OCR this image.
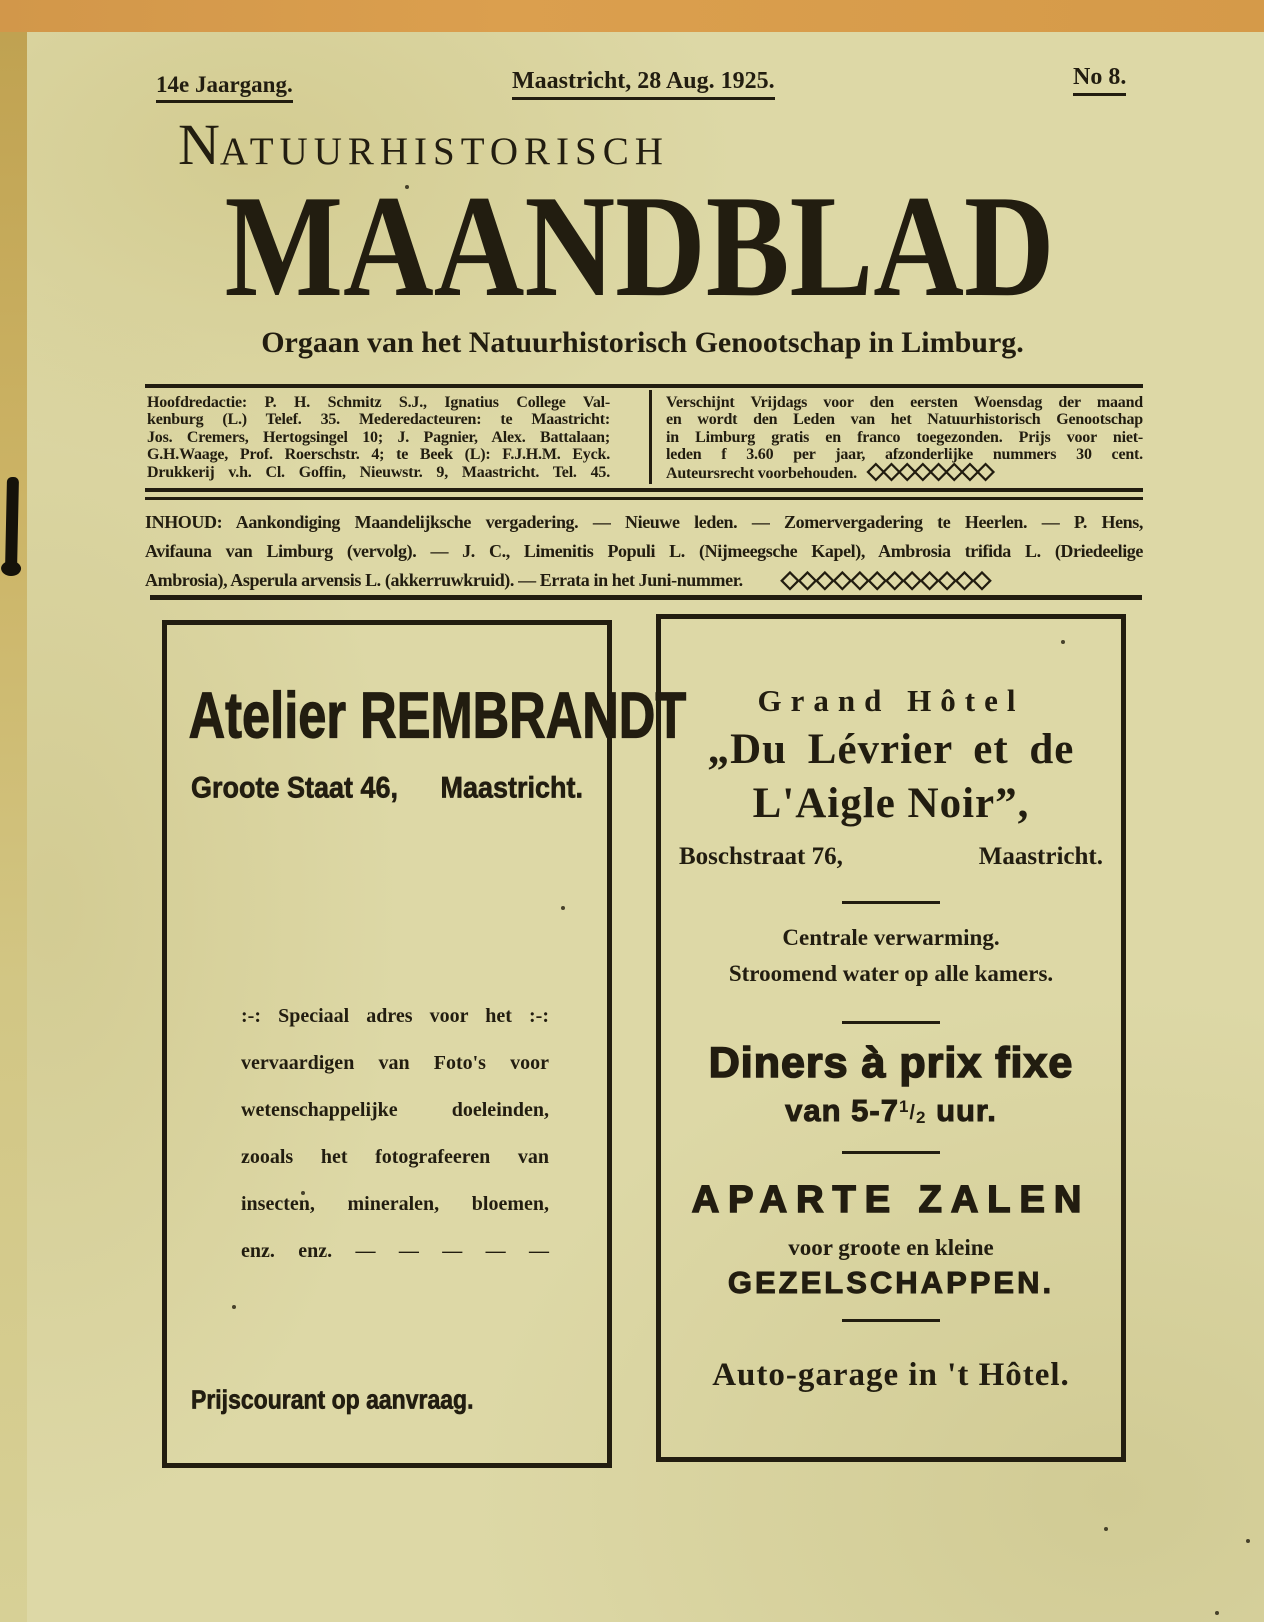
14e Jaargang.	Maastricht, 28 Aug. 1925.	No 8.
NATUURHISTORISCH
MAANDBLAD
Orgaan van het Natuurhistorisch Genootschap in Limburg.
Hoofdredactie: P. H. Schmitz S.J., Ignatius College Val-
kenburg (L.) Telef. 35. Mederedacteuren: te Maastricht:
Jos. Cremers, Hertogsingel 10; J. Pagnier, Alex. Battalaan;
G.H.Waage, Prof. Roerschstr. 4; te Beek (L): F.J.H.M. Eyck.
Drukkerij v.h. Cl. Goffin, Nieuwstr. 9, Maastricht. Tel. 45.
Verschijnt Vrijdags voor den eersten Woensdag der maand
en wordt den Leden van het Natuurhistorisch Genootschap
in Limburg gratis en franco toegezonden. Prijs voor niet-
leden f 3.60 per jaar, afzonderlijke nummers 30 cent.
Auteursrecht voorbehouden. ◇◇◇◇◇◇◇◇
INHOUD: Aankondiging Maandelijksche vergadering. — Nieuwe leden. — Zomervergadering te Heerlen. — P. Hens,
Avifauna van Limburg (vervolg). — J. C., Limenitis Populi L. (Nijmeegsche Kapel), Ambrosia trifida L. (Driedeelige
Ambrosia), Asperula arvensis L. (akkerruwkruid). — Errata in het Juni-nummer. ◇◇◇◇◇◇◇◇◇◇◇◇
Atelier REMBRANDT
Groote Staat 46, Maastricht.
:-: Speciaal adres voor het :-:
vervaardigen van Foto's voor
wetenschappelijke doeleinden,
zooals het fotografeeren van
insecten, mineralen, bloemen,
enz. enz. — — — — —
Prijscourant op aanvraag.
Grand Hôtel
„Du Lévrier et de
L'Aigle Noir”,
Boschstraat 76,	Maastricht.
Centrale verwarming.
Stroomend water op alle kamers.
Diners à prix fixe
van $5-7^1/2$ uur.
APARTE ZALEN
voor groote en kleine
GEZELSCHAPPEN.
Auto-garage in 't Hôtel.
